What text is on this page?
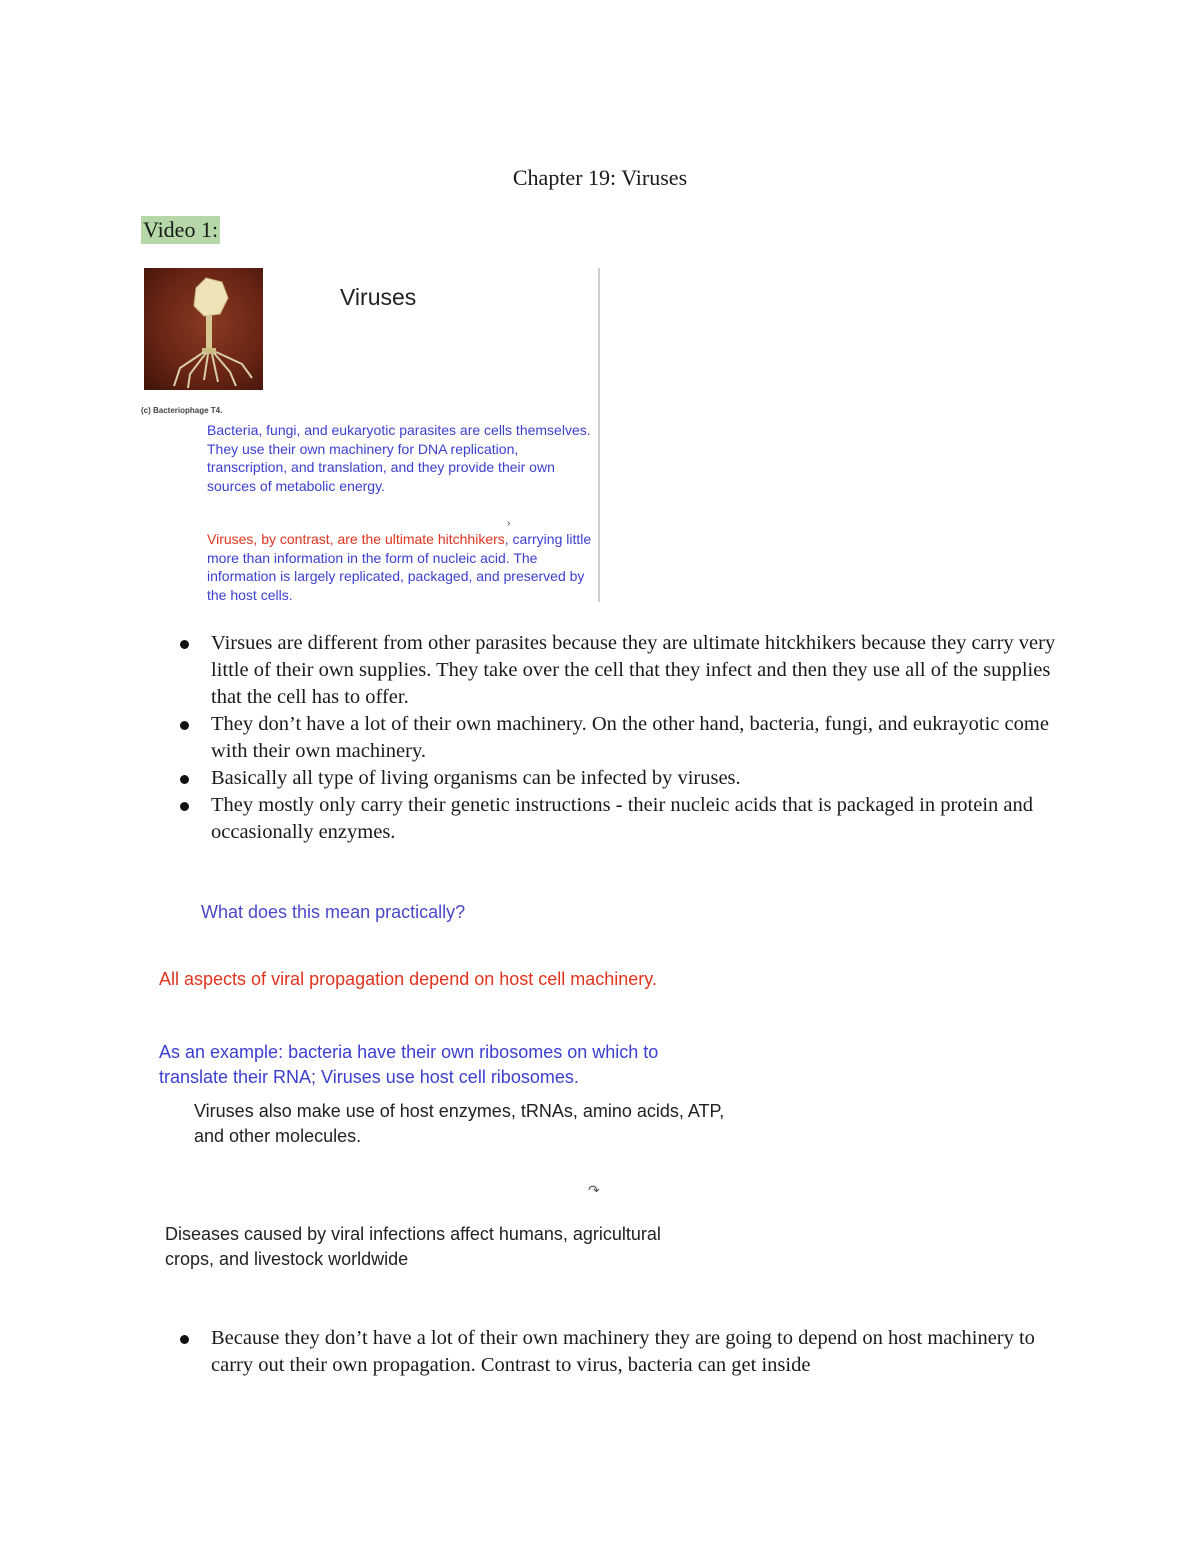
Chapter 19: Viruses
Video 1:
Viruses
(c) Bacteriophage T4.
Bacteria, fungi, and eukaryotic parasites are cells themselves.
They use their own machinery for DNA replication, transcription, and translation, and they provide their own sources of metabolic energy.
Viruses, by contrast, are the ultimate hitchhikers, carrying little more than information in the form of nucleic acid. The information is largely replicated, packaged, and preserved by the host cells.
›
Virsues are different from other parasites because they are ultimate hitckhikers because they carry very little of their own supplies. They take over the cell that they infect and then they use all of the supplies that the cell has to offer.
They don’t have a lot of their own machinery. On the other hand, bacteria, fungi, and eukrayotic come with their own machinery.
Basically all type of living organisms can be infected by viruses.
They mostly only carry their genetic instructions - their nucleic acids that is packaged in protein and occasionally enzymes.
What does this mean practically?
All aspects of viral propagation depend on host cell machinery.
As an example: bacteria have their own ribosomes on which to translate their RNA; Viruses use host cell ribosomes.
Viruses also make use of host enzymes, tRNAs, amino acids, ATP, and other molecules.
↷
Diseases caused by viral infections affect humans, agricultural crops, and livestock worldwide
Because they don’t have a lot of their own machinery they are going to depend on host machinery to carry out their own propagation. Contrast to virus, bacteria can get inside
